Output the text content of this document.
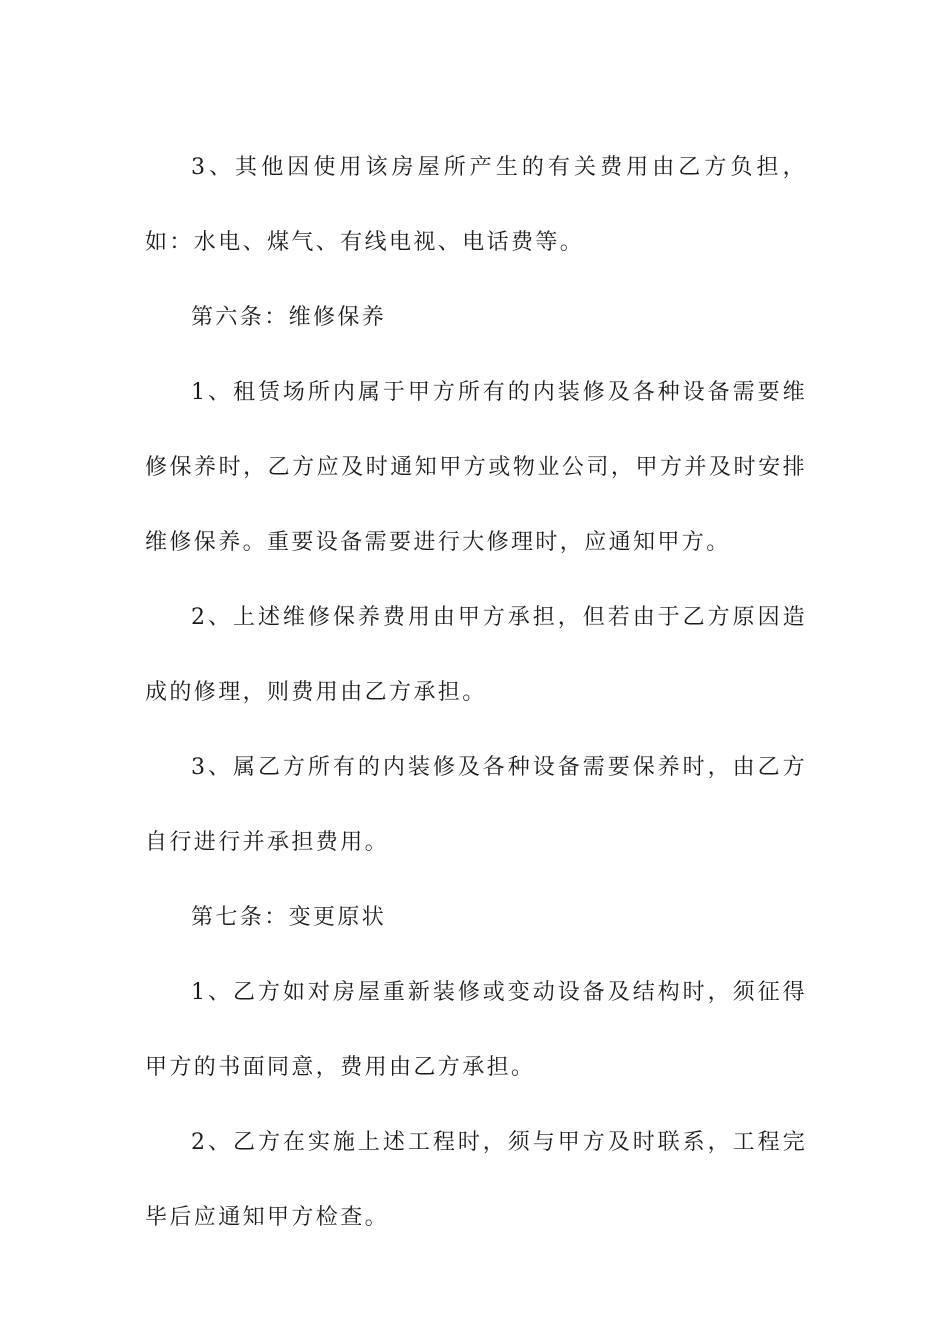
3、其他因使用该房屋所产生的有关费用由乙方负担，如：水电、煤气、有线电视、电话费等。

第六条：维修保养

1、租赁场所内属于甲方所有的内装修及各种设备需要维修保养时，乙方应及时通知甲方或物业公司，甲方并及时安排维修保养。重要设备需要进行大修理时，应通知甲方。

2、上述维修保养费用由甲方承担，但若由于乙方原因造成的修理，则费用由乙方承担。

3、属乙方所有的内装修及各种设备需要保养时，由乙方自行进行并承担费用。

第七条：变更原状

1、乙方如对房屋重新装修或变动设备及结构时，须征得甲方的书面同意，费用由乙方承担。

2、乙方在实施上述工程时，须与甲方及时联系，工程完毕后应通知甲方检查。
